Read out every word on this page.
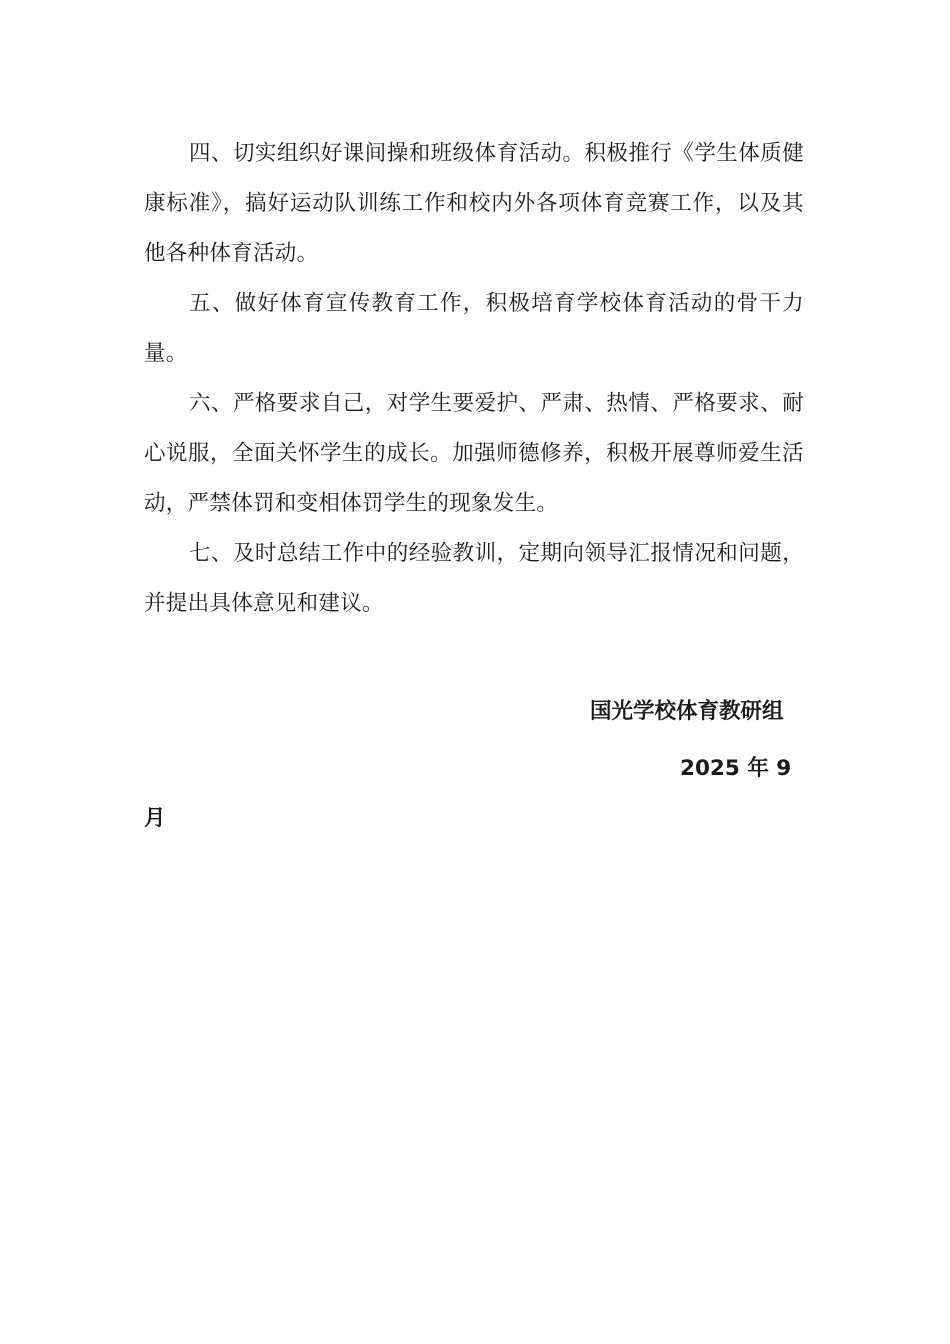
四、切实组织好课间操和班级体育活动。积极推行《学生体质健康标准》，搞好运动队训练工作和校内外各项体育竞赛工作，以及其他各种体育活动。

五、做好体育宣传教育工作，积极培育学校体育活动的骨干力量。

六、严格要求自己，对学生要爱护、严肃、热情、严格要求、耐心说服，全面关怀学生的成长。加强师德修养，积极开展尊师爱生活动，严禁体罚和变相体罚学生的现象发生。

七、及时总结工作中的经验教训，定期向领导汇报情况和问题，并提出具体意见和建议。

国光学校体育教研组
2025 年 9
月
